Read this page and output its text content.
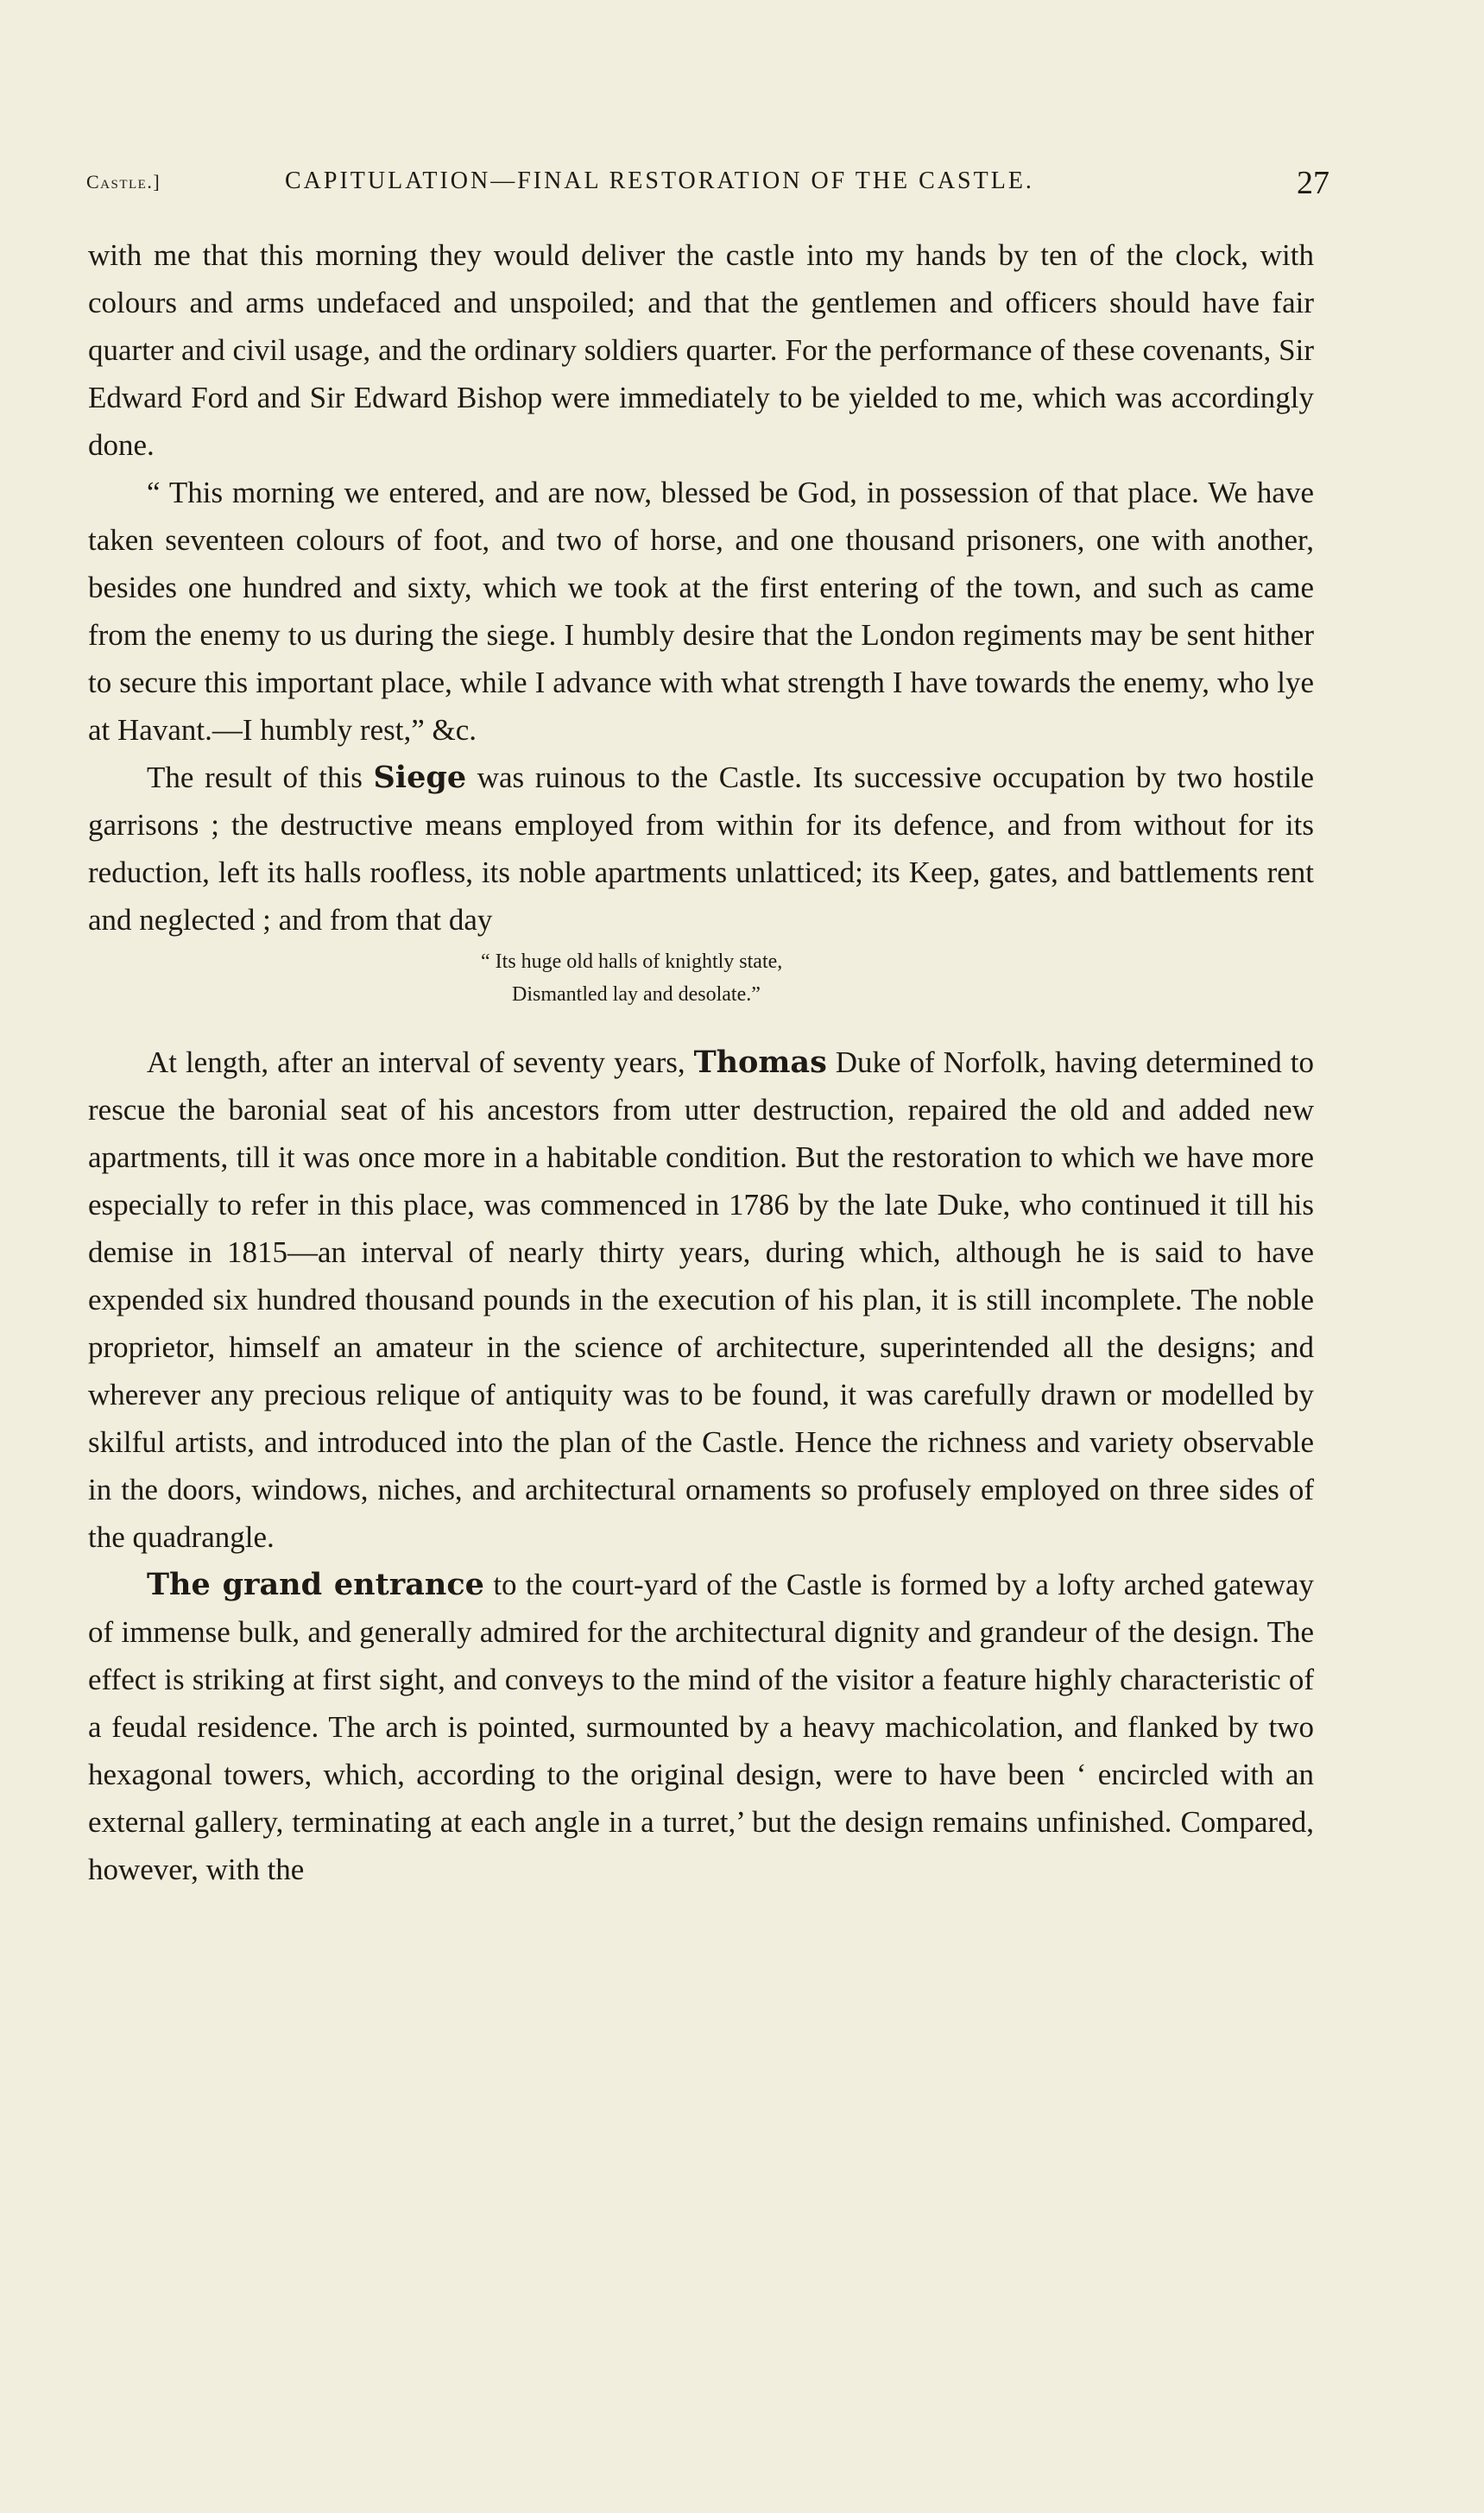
Castle.]	CAPITULATION—FINAL RESTORATION OF THE CASTLE.	27

with me that this morning they would deliver the castle into my hands by ten of the clock, with colours and arms undefaced and unspoiled; and that the gentlemen and officers should have fair quarter and civil usage, and the ordinary soldiers quarter. For the performance of these covenants, Sir Edward Ford and Sir Edward Bishop were immediately to be yielded to me, which was accordingly done.

“ This morning we entered, and are now, blessed be God, in possession of that place. We have taken seventeen colours of foot, and two of horse, and one thousand prisoners, one with another, besides one hundred and sixty, which we took at the first entering of the town, and such as came from the enemy to us during the siege. I humbly desire that the London regiments may be sent hither to secure this important place, while I advance with what strength I have towards the enemy, who lye at Havant.—I humbly rest,” &c.

The result of this Siege was ruinous to the Castle. Its successive occupation by two hostile garrisons ; the destructive means employed from within for its defence, and from without for its reduction, left its halls roofless, its noble apartments unlatticed; its Keep, gates, and battlements rent and neglected ; and from that day

“ Its huge old halls of knightly state,
Dismantled lay and desolate.”

At length, after an interval of seventy years, Thomas Duke of Norfolk, having determined to rescue the baronial seat of his ancestors from utter destruction, repaired the old and added new apartments, till it was once more in a habitable condition. But the restoration to which we have more especially to refer in this place, was commenced in 1786 by the late Duke, who continued it till his demise in 1815—an interval of nearly thirty years, during which, although he is said to have expended six hundred thousand pounds in the execution of his plan, it is still incomplete. The noble proprietor, himself an amateur in the science of architecture, superintended all the designs; and wherever any precious relique of antiquity was to be found, it was carefully drawn or modelled by skilful artists, and introduced into the plan of the Castle. Hence the richness and variety observable in the doors, windows, niches, and architectural ornaments so profusely employed on three sides of the quadrangle.

The grand entrance to the court-yard of the Castle is formed by a lofty arched gateway of immense bulk, and generally admired for the architectural dignity and grandeur of the design. The effect is striking at first sight, and conveys to the mind of the visitor a feature highly characteristic of a feudal residence. The arch is pointed, surmounted by a heavy machicolation, and flanked by two hexagonal towers, which, according to the original design, were to have been ‘ encircled with an external gallery, terminating at each angle in a turret,’ but the design remains unfinished. Compared, however, with the
